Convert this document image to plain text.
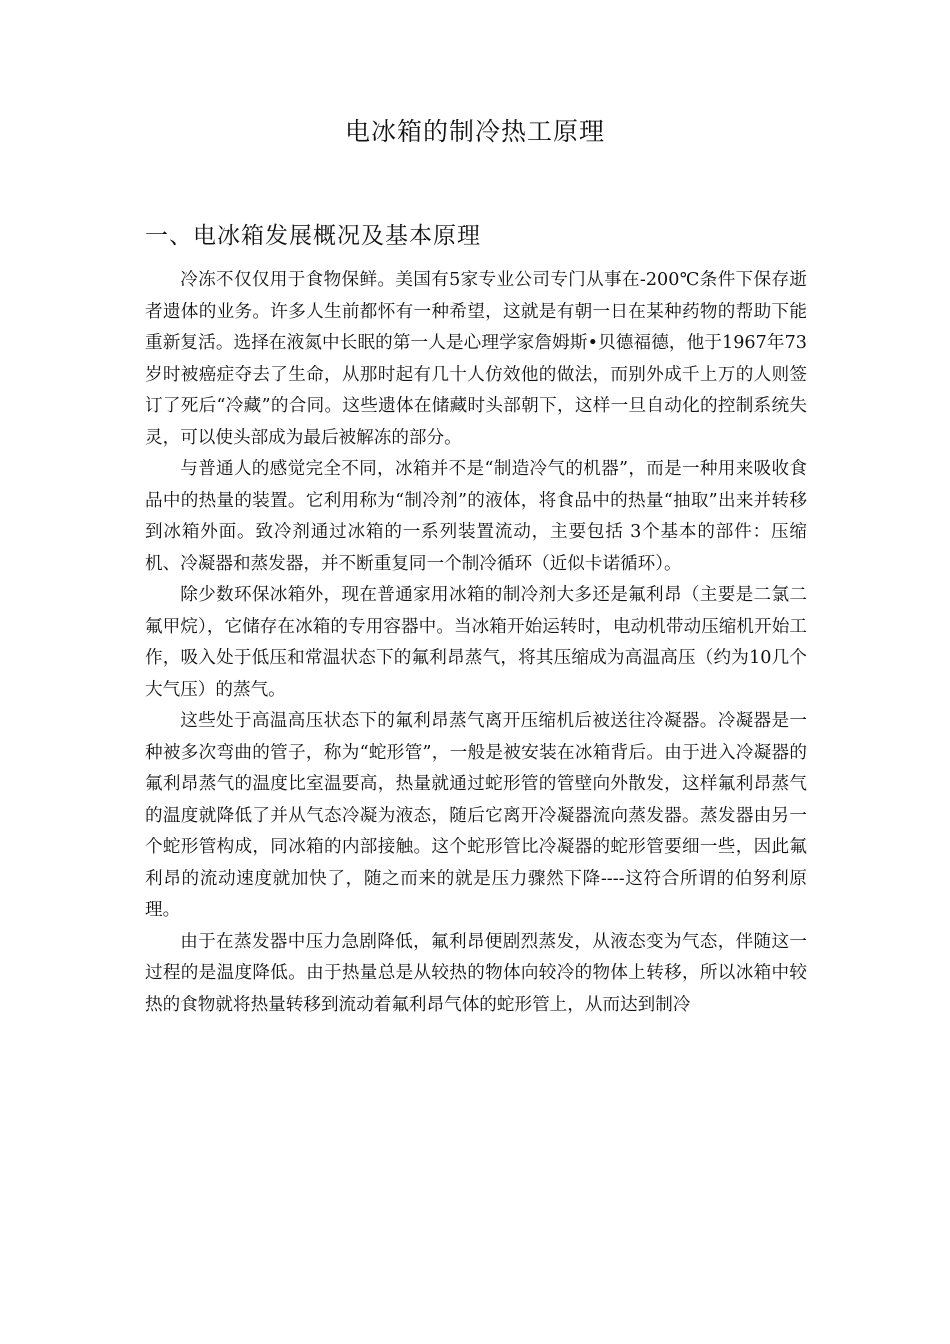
电冰箱的制冷热工原理
一、电冰箱发展概况及基本原理

冷冻不仅仅用于食物保鲜。美国有5家专业公司专门从事在-200℃条件下保存逝者遗体的业务。许多人生前都怀有一种希望，这就是有朝一日在某种药物的帮助下能重新复活。选择在液氮中长眠的第一人是心理学家詹姆斯•贝德福德，他于1967年73岁时被癌症夺去了生命，从那时起有几十人仿效他的做法，而别外成千上万的人则签订了死后“冷藏”的合同。这些遗体在储藏时头部朝下，这样一旦自动化的控制系统失灵，可以使头部成为最后被解冻的部分。

与普通人的感觉完全不同，冰箱并不是“制造冷气的机器”，而是一种用来吸收食品中的热量的装置。它利用称为“制冷剂”的液体，将食品中的热量“抽取”出来并转移到冰箱外面。致冷剂通过冰箱的一系列装置流动，主要包括 3个基本的部件：压缩机、冷凝器和蒸发器，并不断重复同一个制冷循环（近似卡诺循环）。

除少数环保冰箱外，现在普通家用冰箱的制冷剂大多还是氟利昂（主要是二氯二氟甲烷），它储存在冰箱的专用容器中。当冰箱开始运转时，电动机带动压缩机开始工作，吸入处于低压和常温状态下的氟利昂蒸气，将其压缩成为高温高压（约为10几个大气压）的蒸气。

这些处于高温高压状态下的氟利昂蒸气离开压缩机后被送往冷凝器。冷凝器是一种被多次弯曲的管子，称为“蛇形管”，一般是被安装在冰箱背后。由于进入冷凝器的氟利昂蒸气的温度比室温要高，热量就通过蛇形管的管壁向外散发，这样氟利昂蒸气的温度就降低了并从气态冷凝为液态，随后它离开冷凝器流向蒸发器。蒸发器由另一个蛇形管构成，同冰箱的内部接触。这个蛇形管比冷凝器的蛇形管要细一些，因此氟利昂的流动速度就加快了，随之而来的就是压力骤然下降----这符合所谓的伯努利原理。

由于在蒸发器中压力急剧降低，氟利昂便剧烈蒸发，从液态变为气态，伴随这一过程的是温度降低。由于热量总是从较热的物体向较冷的物体上转移，所以冰箱中较热的食物就将热量转移到流动着氟利昂气体的蛇形管上，从而达到制冷
